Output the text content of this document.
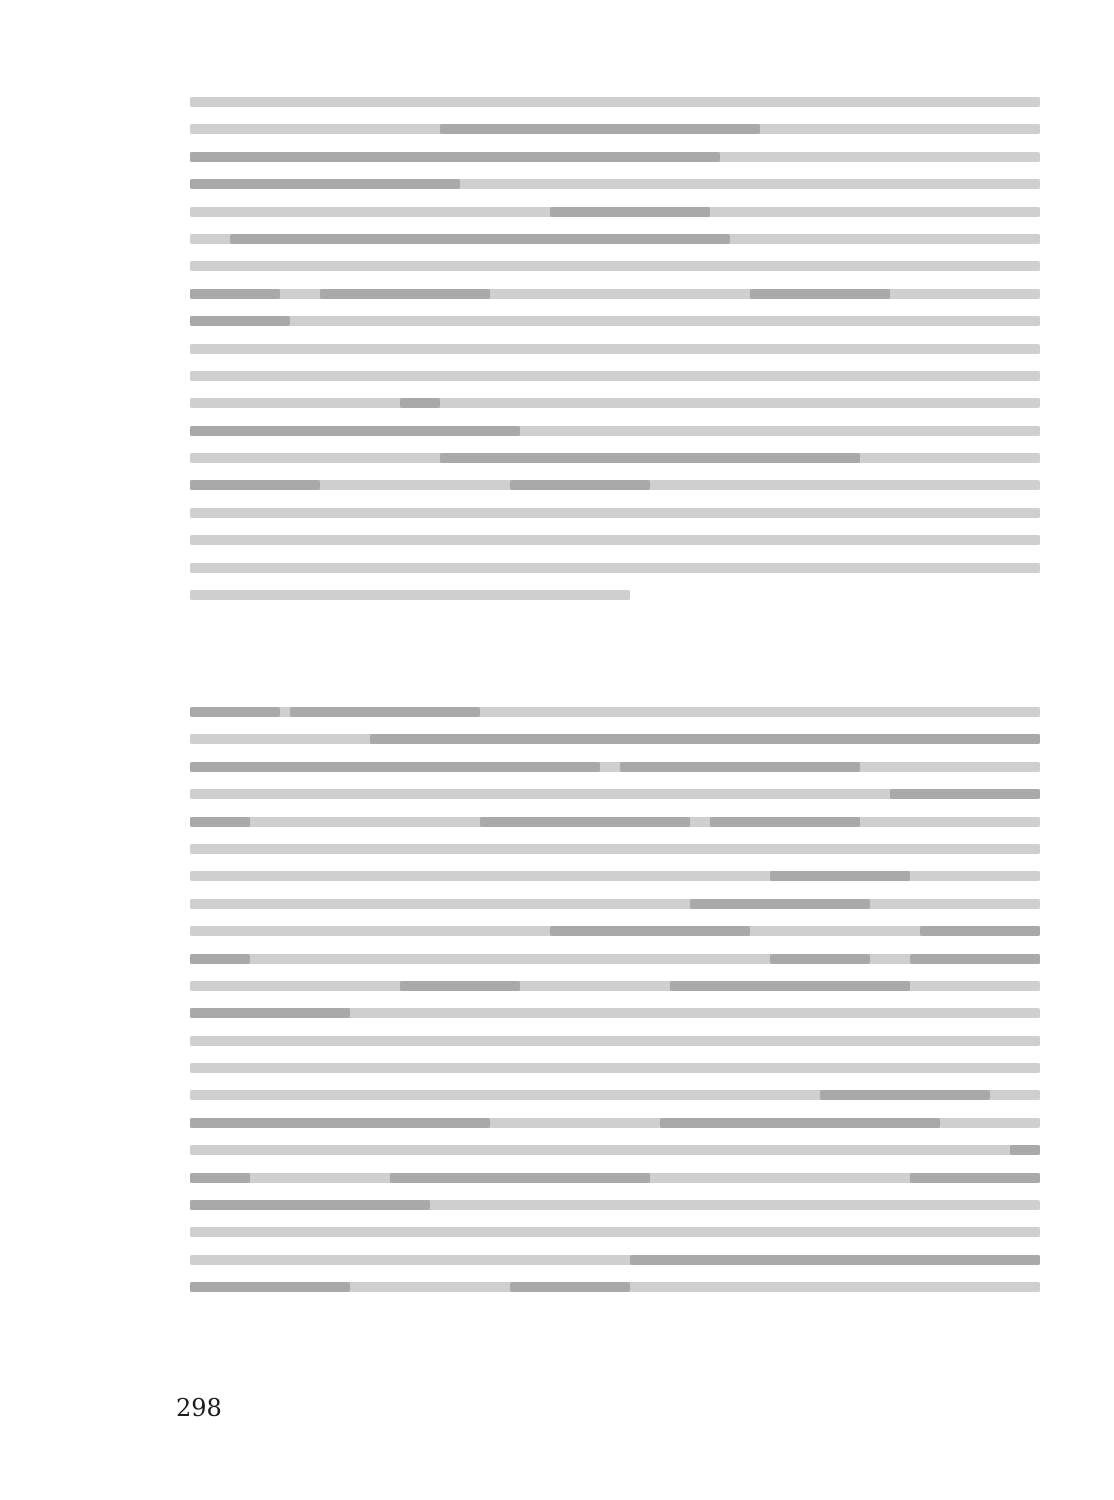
298
